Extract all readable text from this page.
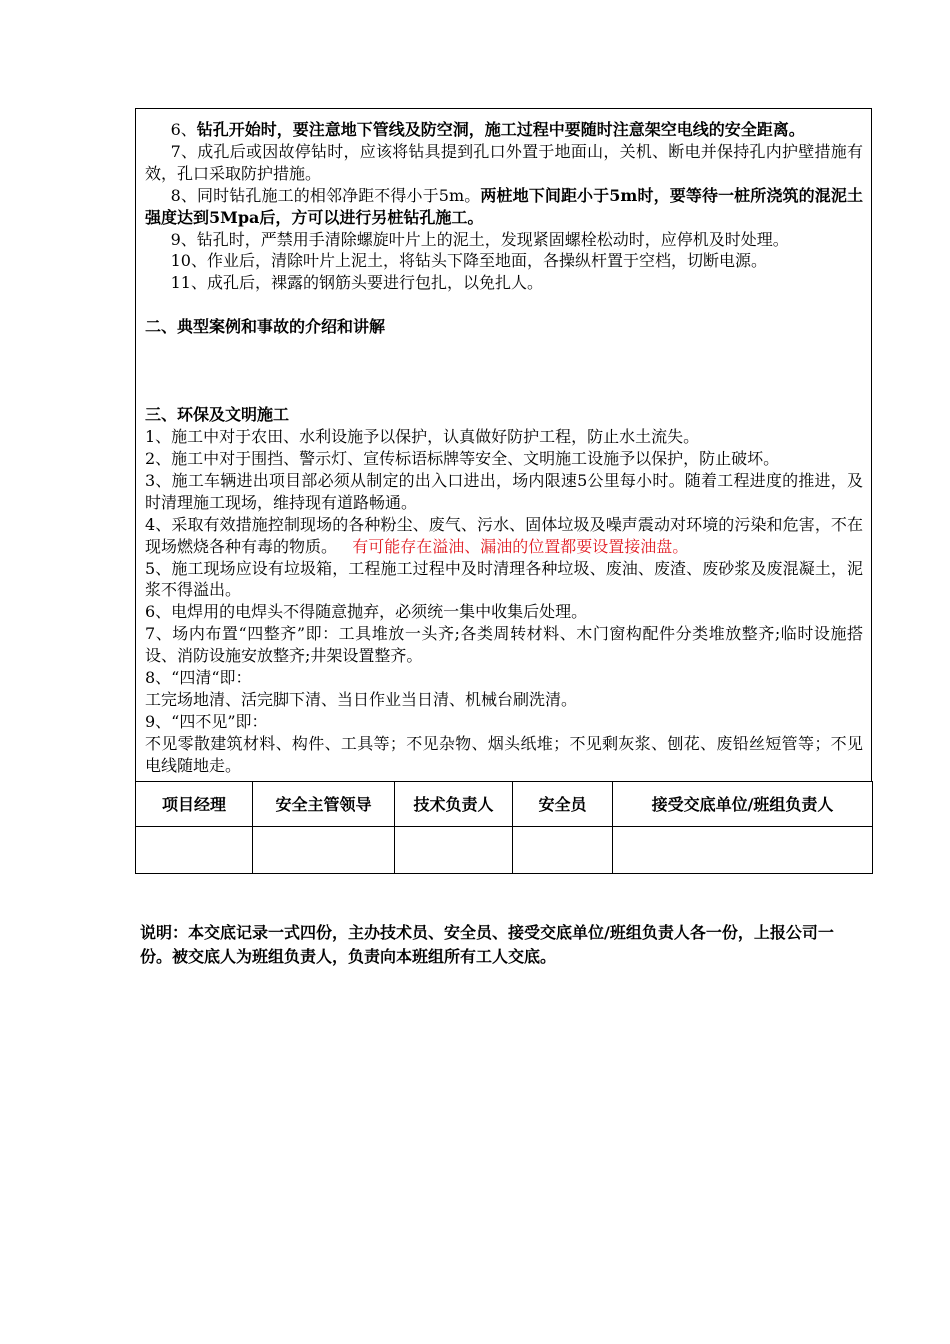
6、钻孔开始时，要注意地下管线及防空洞，施工过程中要随时注意架空电线的安全距离。

7、成孔后或因故停钻时，应该将钻具提到孔口外置于地面山，关机、断电并保持孔内护壁措施有效，孔口采取防护措施。

8、同时钻孔施工的相邻净距不得小于5m。两桩地下间距小于5m时，要等待一桩所浇筑的混泥土强度达到5Mpa后，方可以进行另桩钻孔施工。

9、钻孔时，严禁用手清除螺旋叶片上的泥土，发现紧固螺栓松动时，应停机及时处理。

10、作业后，清除叶片上泥土，将钻头下降至地面，各操纵杆置于空档，切断电源。

11、成孔后，裸露的钢筋头要进行包扎，以免扎人。

二、典型案例和事故的介绍和讲解

三、环保及文明施工

1、施工中对于农田、水利设施予以保护，认真做好防护工程，防止水土流失。

2、施工中对于围挡、警示灯、宣传标语标牌等安全、文明施工设施予以保护，防止破坏。

3、施工车辆进出项目部必须从制定的出入口进出，场内限速5公里每小时。随着工程进度的推进，及时清理施工现场，维持现有道路畅通。

4、采取有效措施控制现场的各种粉尘、废气、污水、固体垃圾及噪声震动对环境的污染和危害，不在现场燃烧各种有毒的物质。 有可能存在溢油、漏油的位置都要设置接油盘。

5、施工现场应设有垃圾箱，工程施工过程中及时清理各种垃圾、废油、废渣、废砂浆及废混凝土，泥浆不得溢出。

6、电焊用的电焊头不得随意抛弃，必须统一集中收集后处理。

7、场内布置“四整齐”即：工具堆放一头齐;各类周转材料、木门窗构配件分类堆放整齐;临时设施搭设、消防设施安放整齐;井架设置整齐。

8、“四清“即：

工完场地清、活完脚下清、当日作业当日清、机械台刷洗清。

9、“四不见”即：

不见零散建筑材料、构件、工具等；不见杂物、烟头纸堆；不见剩灰浆、刨花、废铅丝短管等；不见电线随地走。

项目经理	安全主管领导	技术负责人	安全员	接受交底单位/班组负责人

说明：本交底记录一式四份，主办技术员、安全员、接受交底单位/班组负责人各一份，上报公司一份。被交底人为班组负责人，负责向本班组所有工人交底。
